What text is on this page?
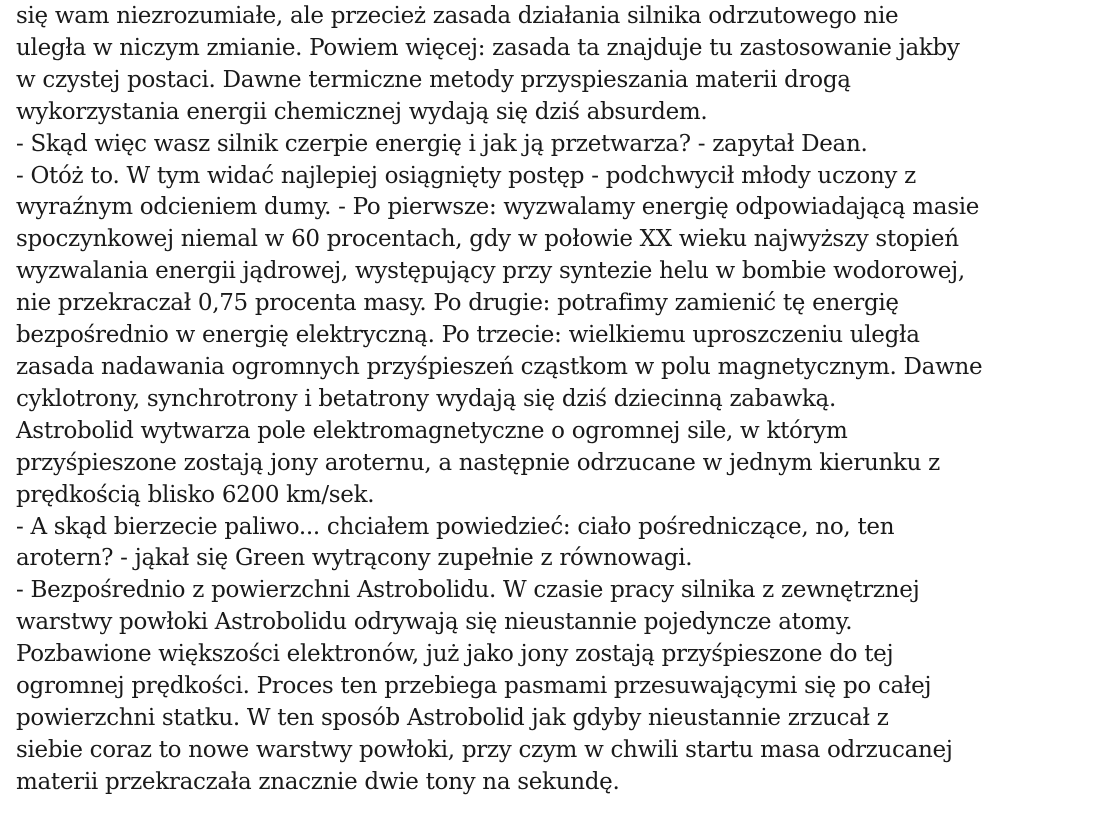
się wam niezrozumiałe, ale przecież zasada działania silnika odrzutowego nie
uległa w niczym zmianie. Powiem więcej: zasada ta znajduje tu zastosowanie jakby
w czystej postaci. Dawne termiczne metody przyspieszania materii drogą
wykorzystania energii chemicznej wydają się dziś absurdem.
- Skąd więc wasz silnik czerpie energię i jak ją przetwarza? - zapytał Dean.
- Otóż to. W tym widać najlepiej osiągnięty postęp - podchwycił młody uczony z
wyraźnym odcieniem dumy. - Po pierwsze: wyzwalamy energię odpowiadającą masie
spoczynkowej niemal w 60 procentach, gdy w połowie XX wieku najwyższy stopień
wyzwalania energii jądrowej, występujący przy syntezie helu w bombie wodorowej,
nie przekraczał 0,75 procenta masy. Po drugie: potrafimy zamienić tę energię
bezpośrednio w energię elektryczną. Po trzecie: wielkiemu uproszczeniu uległa
zasada nadawania ogromnych przyśpieszeń cząstkom w polu magnetycznym. Dawne
cyklotrony, synchrotrony i betatrony wydają się dziś dziecinną zabawką.
Astrobolid wytwarza pole elektromagnetyczne o ogromnej sile, w którym
przyśpieszone zostają jony aroternu, a następnie odrzucane w jednym kierunku z
prędkością blisko 6200 km/sek.
- A skąd bierzecie paliwo... chciałem powiedzieć: ciało pośredniczące, no, ten
arotern? - jąkał się Green wytrącony zupełnie z równowagi.
- Bezpośrednio z powierzchni Astrobolidu. W czasie pracy silnika z zewnętrznej
warstwy powłoki Astrobolidu odrywają się nieustannie pojedyncze atomy.
Pozbawione większości elektronów, już jako jony zostają przyśpieszone do tej
ogromnej prędkości. Proces ten przebiega pasmami przesuwającymi się po całej
powierzchni statku. W ten sposób Astrobolid jak gdyby nieustannie zrzucał z
siebie coraz to nowe warstwy powłoki, przy czym w chwili startu masa odrzucanej
materii przekraczała znacznie dwie tony na sekundę.
